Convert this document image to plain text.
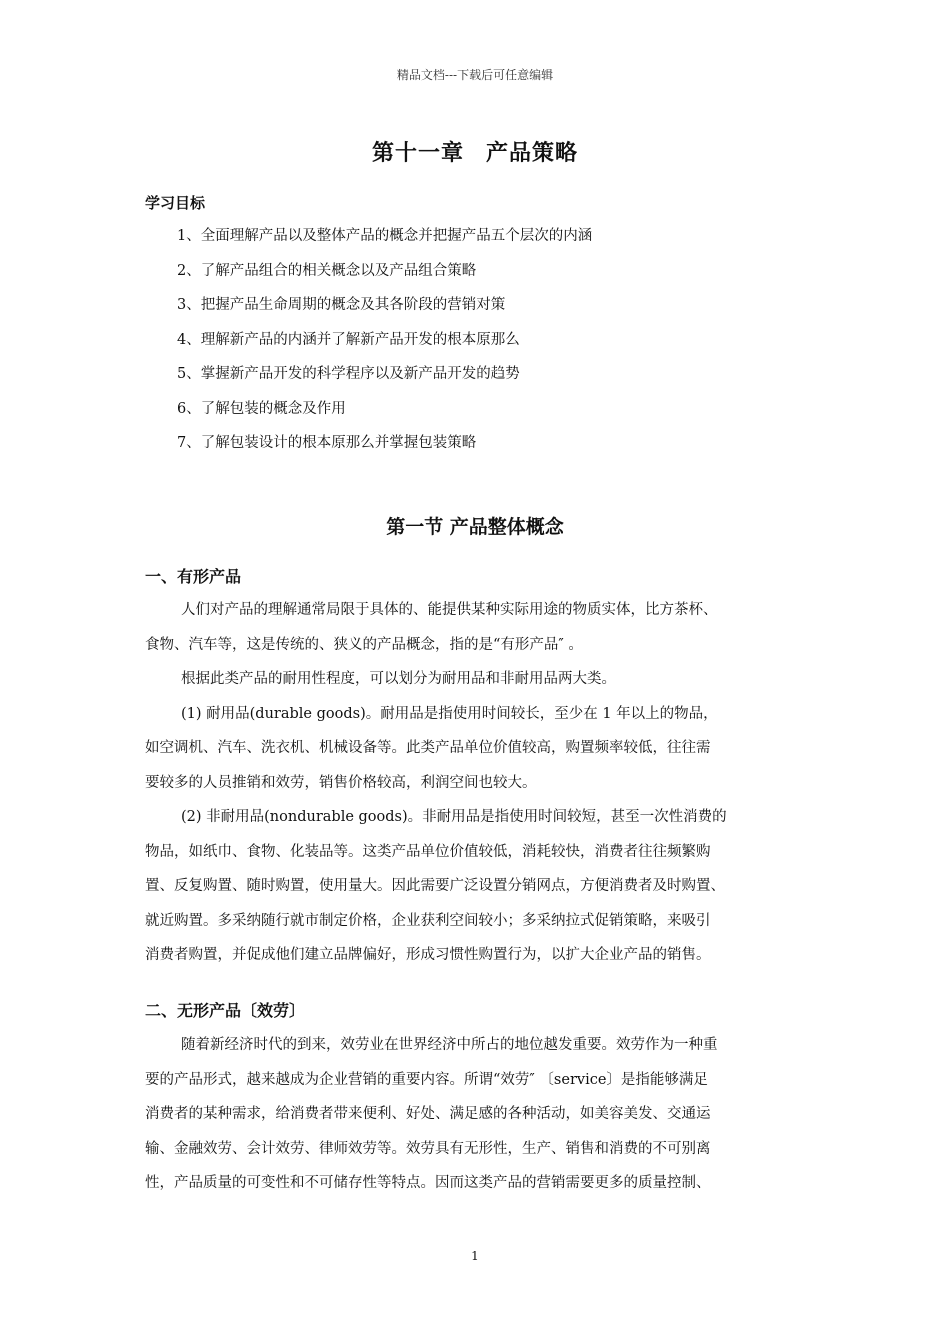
精品文档---下载后可任意编辑
第十一章 产品策略
学习目标
1、全面理解产品以及整体产品的概念并把握产品五个层次的内涵
2、了解产品组合的相关概念以及产品组合策略
3、把握产品生命周期的概念及其各阶段的营销对策
4、理解新产品的内涵并了解新产品开发的根本原那么
5、掌握新产品开发的科学程序以及新产品开发的趋势
6、了解包装的概念及作用
7、了解包装设计的根本原那么并掌握包装策略
第一节 产品整体概念
一、有形产品
人们对产品的理解通常局限于具体的、能提供某种实际用途的物质实体，比方茶杯、
食物、汽车等，这是传统的、狭义的产品概念，指的是“有形产品″ 。
根据此类产品的耐用性程度，可以划分为耐用品和非耐用品两大类。
(1) 耐用品(durable goods)。耐用品是指使用时间较长，至少在 1 年以上的物品，
如空调机、汽车、洗衣机、机械设备等。此类产品单位价值较高，购置频率较低，往往需
要较多的人员推销和效劳，销售价格较高，利润空间也较大。
(2) 非耐用品(nondurable goods)。非耐用品是指使用时间较短，甚至一次性消费的
物品，如纸巾、食物、化装品等。这类产品单位价值较低，消耗较快，消费者往往频繁购
置、反复购置、随时购置，使用量大。因此需要广泛设置分销网点，方便消费者及时购置、
就近购置。多采纳随行就市制定价格，企业获利空间较小；多采纳拉式促销策略，来吸引
消费者购置，并促成他们建立品牌偏好，形成习惯性购置行为，以扩大企业产品的销售。
二、无形产品〔效劳〕
随着新经济时代的到来，效劳业在世界经济中所占的地位越发重要。效劳作为一种重
要的产品形式，越来越成为企业营销的重要内容。所谓“效劳″ 〔service〕是指能够满足
消费者的某种需求，给消费者带来便利、好处、满足感的各种活动，如美容美发、交通运
输、金融效劳、会计效劳、律师效劳等。效劳具有无形性，生产、销售和消费的不可别离
性，产品质量的可变性和不可储存性等特点。因而这类产品的营销需要更多的质量控制、
1
